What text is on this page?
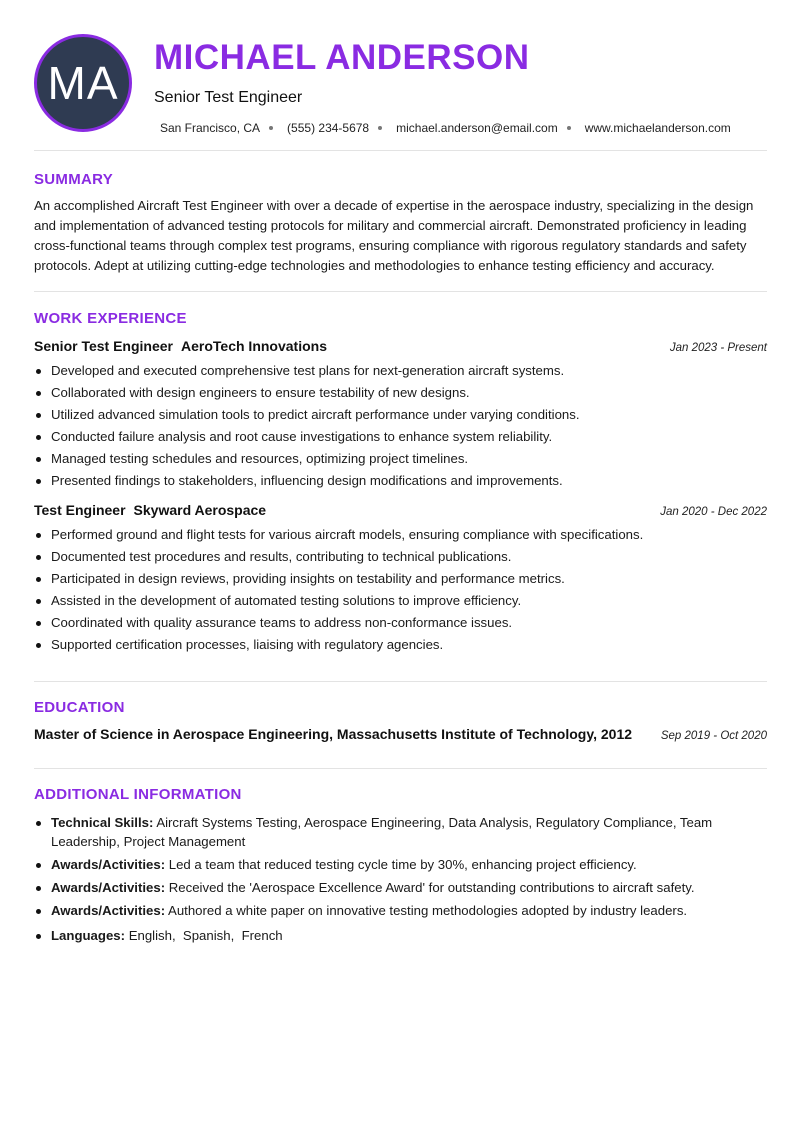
MA MICHAEL ANDERSON
Senior Test Engineer
San Francisco, CA (555) 234-5678 michael.anderson@email.com www.michaelanderson.com
SUMMARY
An accomplished Aircraft Test Engineer with over a decade of expertise in the aerospace industry, specializing in the design and implementation of advanced testing protocols for military and commercial aircraft. Demonstrated proficiency in leading cross-functional teams through complex test programs, ensuring compliance with rigorous regulatory standards and safety protocols. Adept at utilizing cutting-edge technologies and methodologies to enhance testing efficiency and accuracy.
WORK EXPERIENCE
Senior Test Engineer AeroTech Innovations	Jan 2023 - Present
Developed and executed comprehensive test plans for next-generation aircraft systems.
Collaborated with design engineers to ensure testability of new designs.
Utilized advanced simulation tools to predict aircraft performance under varying conditions.
Conducted failure analysis and root cause investigations to enhance system reliability.
Managed testing schedules and resources, optimizing project timelines.
Presented findings to stakeholders, influencing design modifications and improvements.
Test Engineer Skyward Aerospace	Jan 2020 - Dec 2022
Performed ground and flight tests for various aircraft models, ensuring compliance with specifications.
Documented test procedures and results, contributing to technical publications.
Participated in design reviews, providing insights on testability and performance metrics.
Assisted in the development of automated testing solutions to improve efficiency.
Coordinated with quality assurance teams to address non-conformance issues.
Supported certification processes, liaising with regulatory agencies.
EDUCATION
Master of Science in Aerospace Engineering, Massachusetts Institute of Technology, 2012	Sep 2019 - Oct 2020
ADDITIONAL INFORMATION
Technical Skills: Aircraft Systems Testing, Aerospace Engineering, Data Analysis, Regulatory Compliance, Team Leadership, Project Management
Awards/Activities: Led a team that reduced testing cycle time by 30%, enhancing project efficiency.
Awards/Activities: Received the 'Aerospace Excellence Award' for outstanding contributions to aircraft safety.
Awards/Activities: Authored a white paper on innovative testing methodologies adopted by industry leaders.
Languages: English,  Spanish,  French
